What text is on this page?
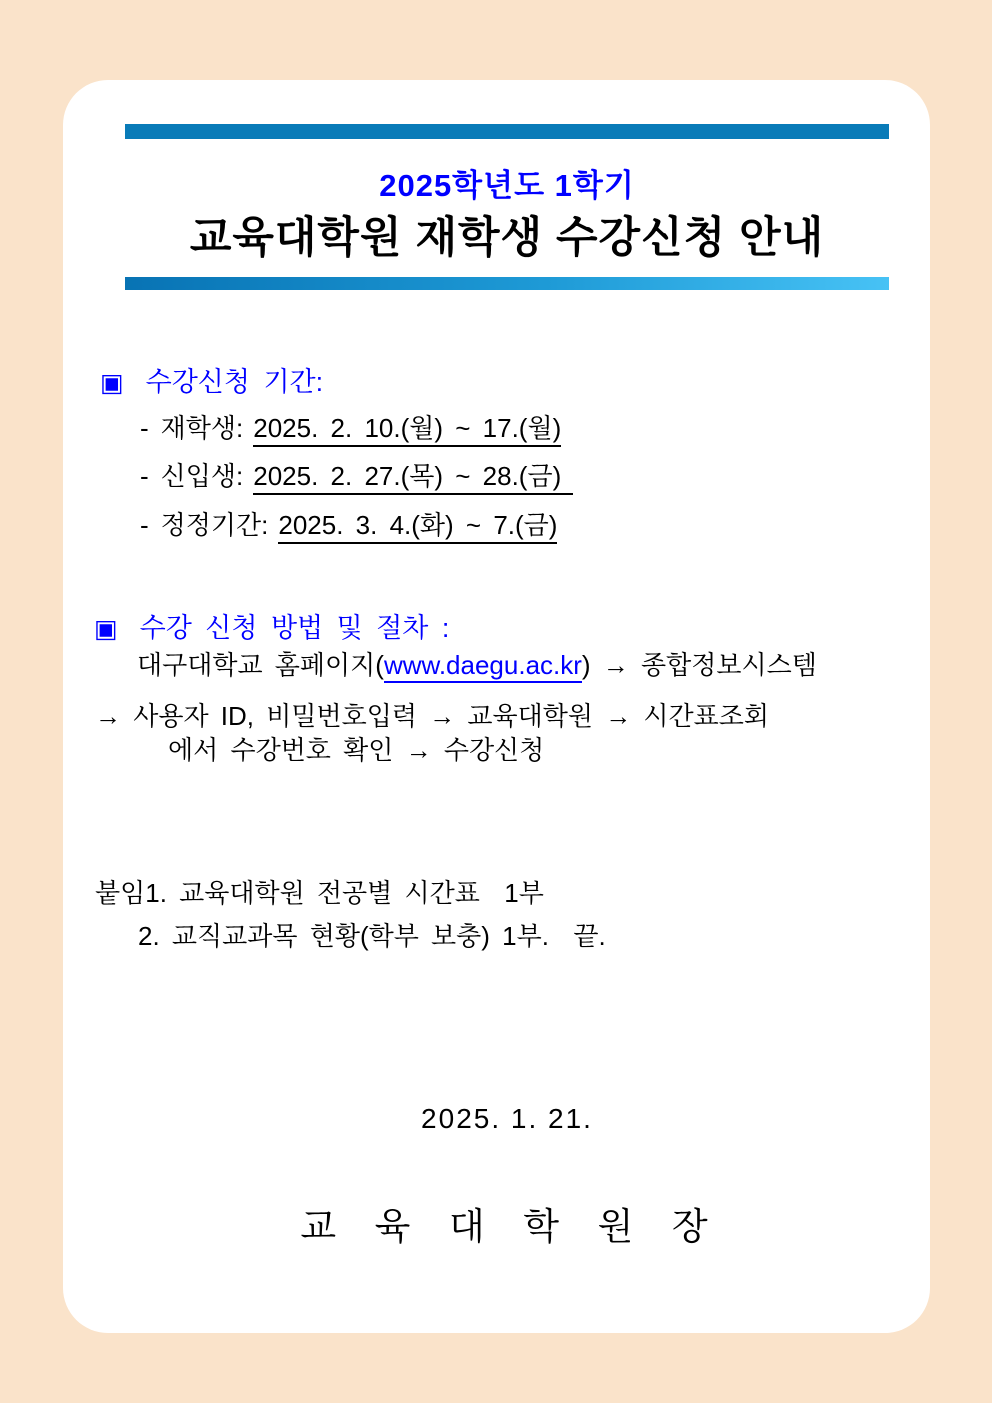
2025학년도 1학기
교육대학원 재학생 수강신청 안내
▣ 수강신청 기간:
- 재학생: 2025. 2. 10.(월) ~ 17.(월)
- 신입생: 2025. 2. 27.(목) ~ 28.(금)
- 정정기간: 2025. 3. 4.(화) ~ 7.(금)
▣ 수강 신청 방법 및 절차 :
대구대학교 홈페이지(www.daegu.ac.kr) → 종합정보시스템
→ 사용자 ID, 비밀번호입력 → 교육대학원 → 시간표조회
에서 수강번호 확인 → 수강신청
붙임1. 교육대학원 전공별 시간표  1부
2. 교직교과목 현황(학부 보충) 1부.  끝.
2025. 1. 21.
교  육  대  학  원  장
